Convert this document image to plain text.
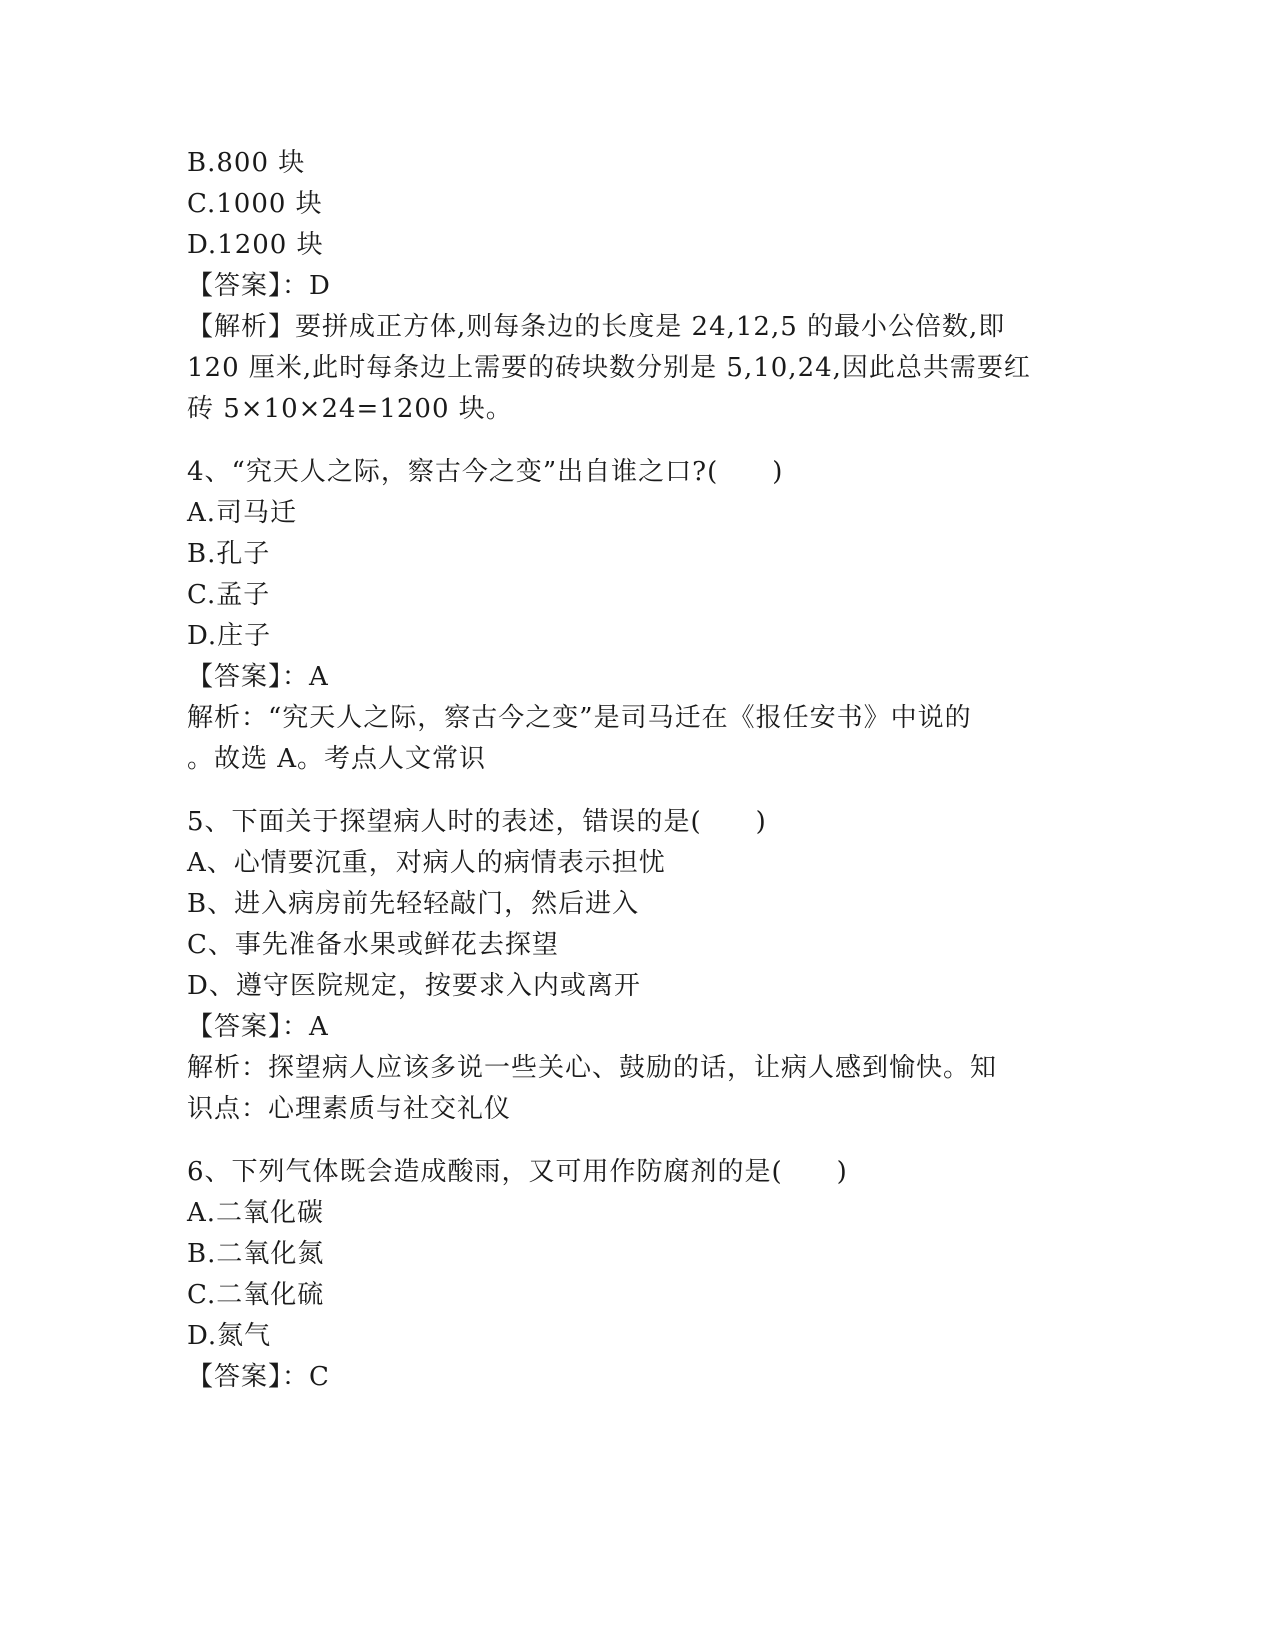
B.800 块
C.1000 块
D.1200 块
【答案】：D
【解析】要拼成正方体,则每条边的长度是 24,12,5 的最小公倍数,即
120 厘米,此时每条边上需要的砖块数分别是 5,10,24,因此总共需要红
砖 5×10×24=1200 块。
4、“究天人之际，察古今之变”出自谁之口?(　　)
A.司马迁
B.孔子
C.孟子
D.庄子
【答案】：A
解析：“究天人之际，察古今之变”是司马迁在《报任安书》中说的
。故选 A。考点人文常识
5、下面关于探望病人时的表述，错误的是(　　)
A、心情要沉重，对病人的病情表示担忧
B、进入病房前先轻轻敲门，然后进入
C、事先准备水果或鲜花去探望
D、遵守医院规定，按要求入内或离开
【答案】：A
解析：探望病人应该多说一些关心、鼓励的话，让病人感到愉快。知
识点：心理素质与社交礼仪
6、下列气体既会造成酸雨，又可用作防腐剂的是(　　)
A.二氧化碳
B.二氧化氮
C.二氧化硫
D.氮气
【答案】：C
